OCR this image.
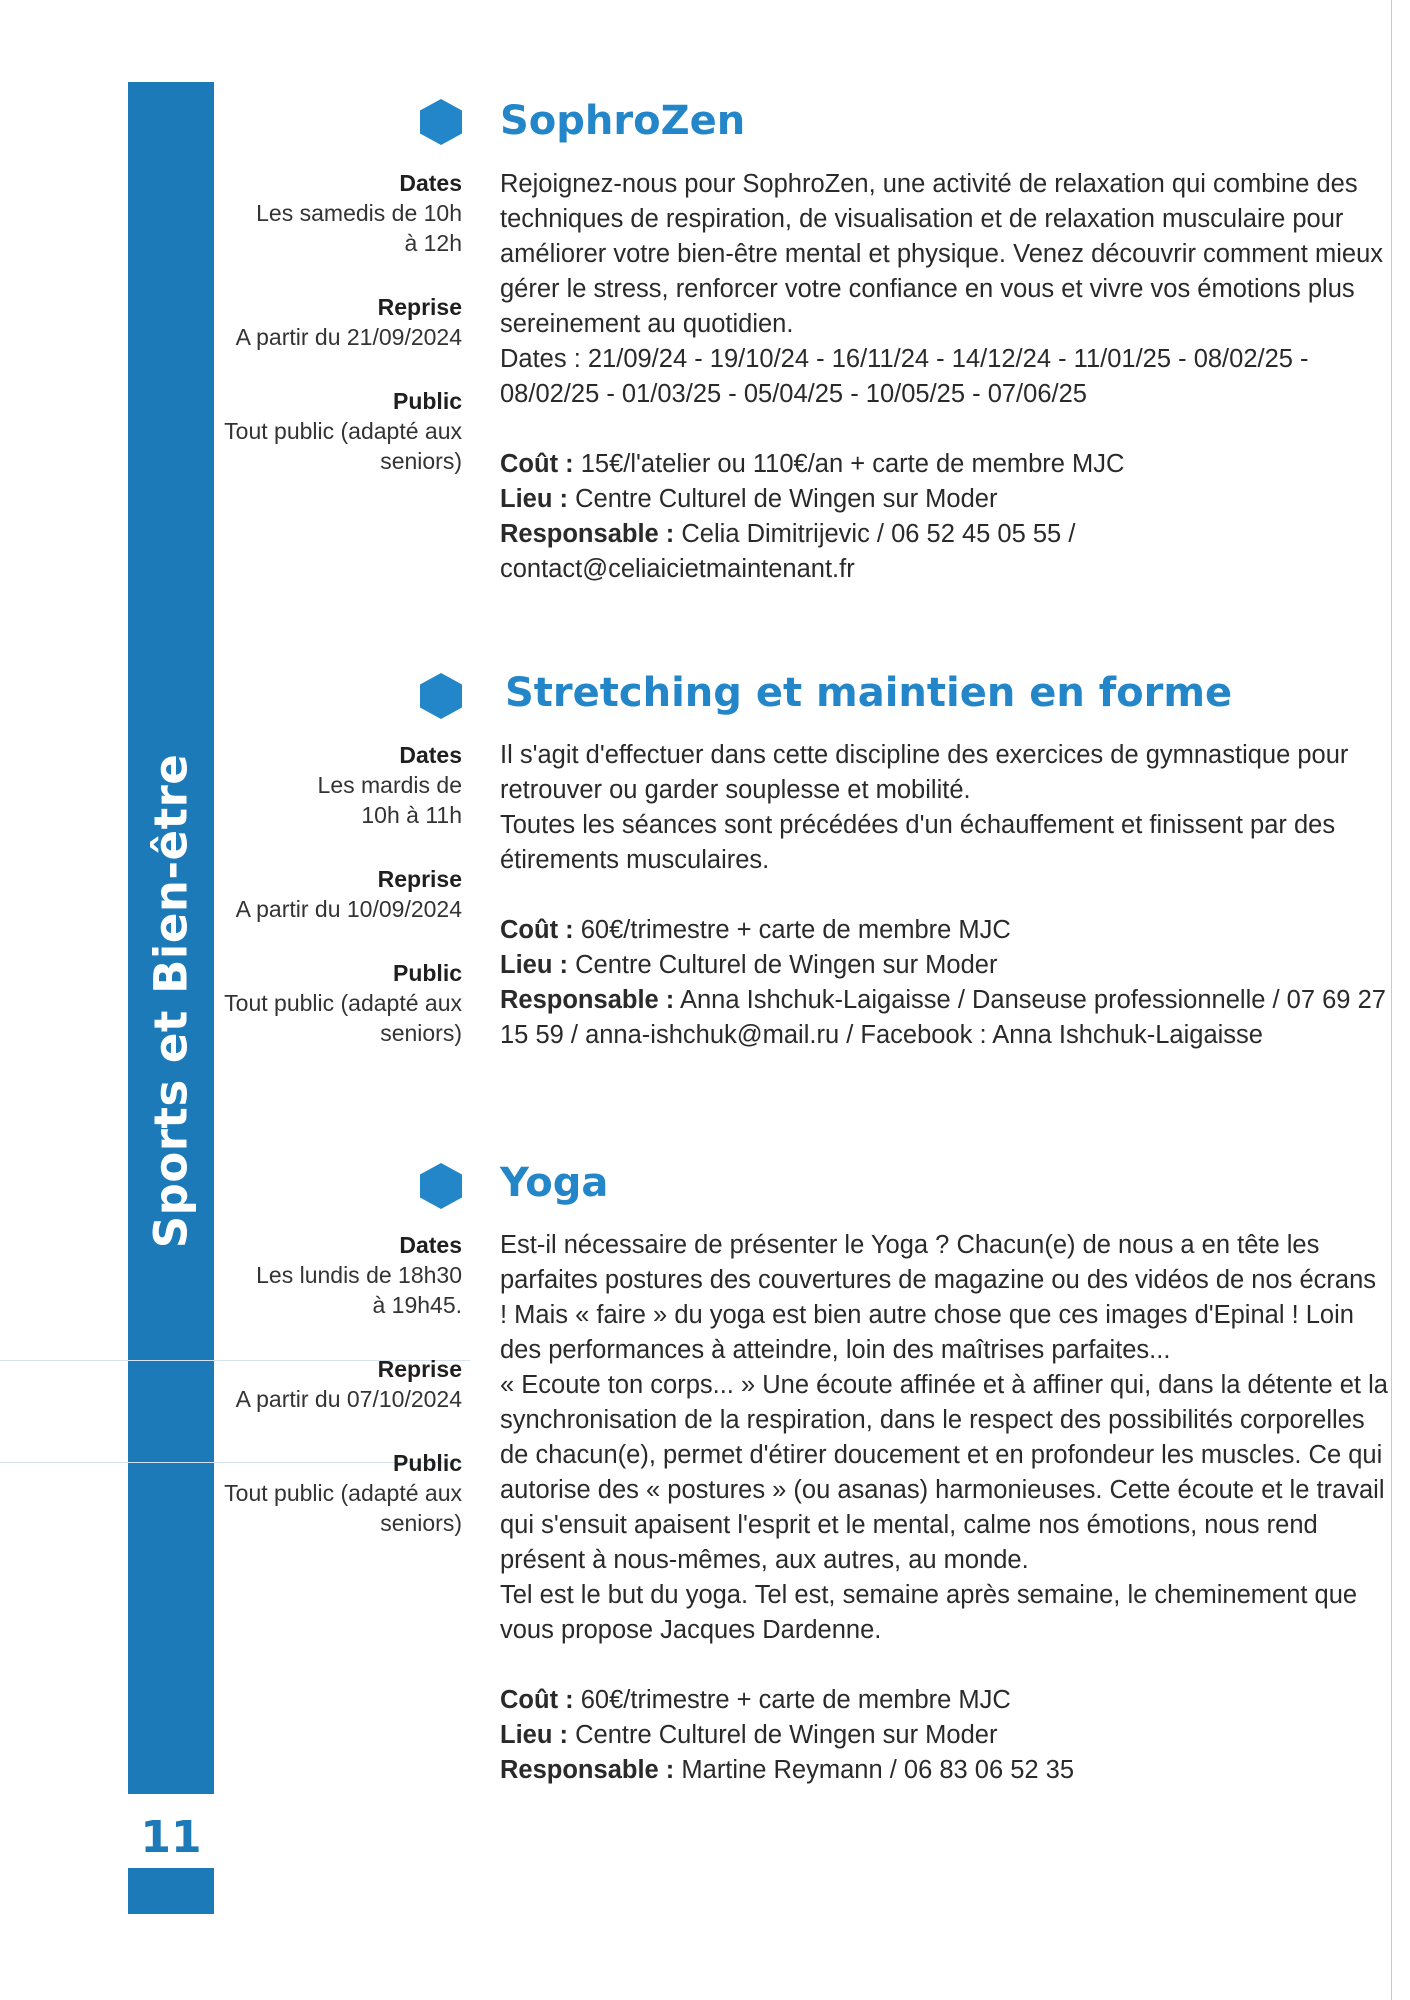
Sports et Bien-être
11
SophroZen
Dates
Les samedis de 10h à 12h
Reprise
A partir du 21/09/2024
Public
Tout public (adapté aux seniors)

Rejoignez-nous pour SophroZen, une activité de relaxation qui combine des techniques de respiration, de visualisation et de relaxation musculaire pour améliorer votre bien-être mental et physique. Venez découvrir comment mieux gérer le stress, renforcer votre confiance en vous et vivre vos émotions plus sereinement au quotidien.

Dates : 21/09/24 - 19/10/24 - 16/11/24 - 14/12/24 - 11/01/25 - 08/02/25 - 08/02/25 - 01/03/25 - 05/04/25 - 10/05/25 - 07/06/25

Coût : 15€/l'atelier ou 110€/an + carte de membre MJC

Lieu : Centre Culturel de Wingen sur Moder

Responsable : Celia Dimitrijevic / 06 52 45 05 55 / contact@celiaicietmaintenant.fr

Stretching et maintien en forme
Dates
Les mardis de 10h à 11h
Reprise
A partir du 10/09/2024
Public
Tout public (adapté aux seniors)

Il s'agit d'effectuer dans cette discipline des exercices de gymnastique pour retrouver ou garder souplesse et mobilité.

Toutes les séances sont précédées d'un échauffement et finissent par des étirements musculaires.

Coût : 60€/trimestre + carte de membre MJC

Lieu : Centre Culturel de Wingen sur Moder

Responsable : Anna Ishchuk-Laigaisse / Danseuse professionnelle / 07 69 27 15 59 / anna-ishchuk@mail.ru / Facebook : Anna Ishchuk-Laigaisse

Yoga
Dates
Les lundis de 18h30 à 19h45.
Reprise
A partir du 07/10/2024
Public
Tout public (adapté aux seniors)

Est-il nécessaire de présenter le Yoga ? Chacun(e) de nous a en tête les parfaites postures des couvertures de magazine ou des vidéos de nos écrans ! Mais « faire » du yoga est bien autre chose que ces images d'Epinal ! Loin des performances à atteindre, loin des maîtrises parfaites...

« Ecoute ton corps... » Une écoute affinée et à affiner qui, dans la détente et la synchronisation de la respiration, dans le respect des possibilités corporelles de chacun(e), permet d'étirer doucement et en profondeur les muscles. Ce qui autorise des « postures » (ou asanas) harmonieuses. Cette écoute et le travail qui s'ensuit apaisent l'esprit et le mental, calme nos émotions, nous rend présent à nous-mêmes, aux autres, au monde.

Tel est le but du yoga. Tel est, semaine après semaine, le cheminement que vous propose Jacques Dardenne.

Coût : 60€/trimestre + carte de membre MJC

Lieu : Centre Culturel de Wingen sur Moder

Responsable : Martine Reymann / 06 83 06 52 35
